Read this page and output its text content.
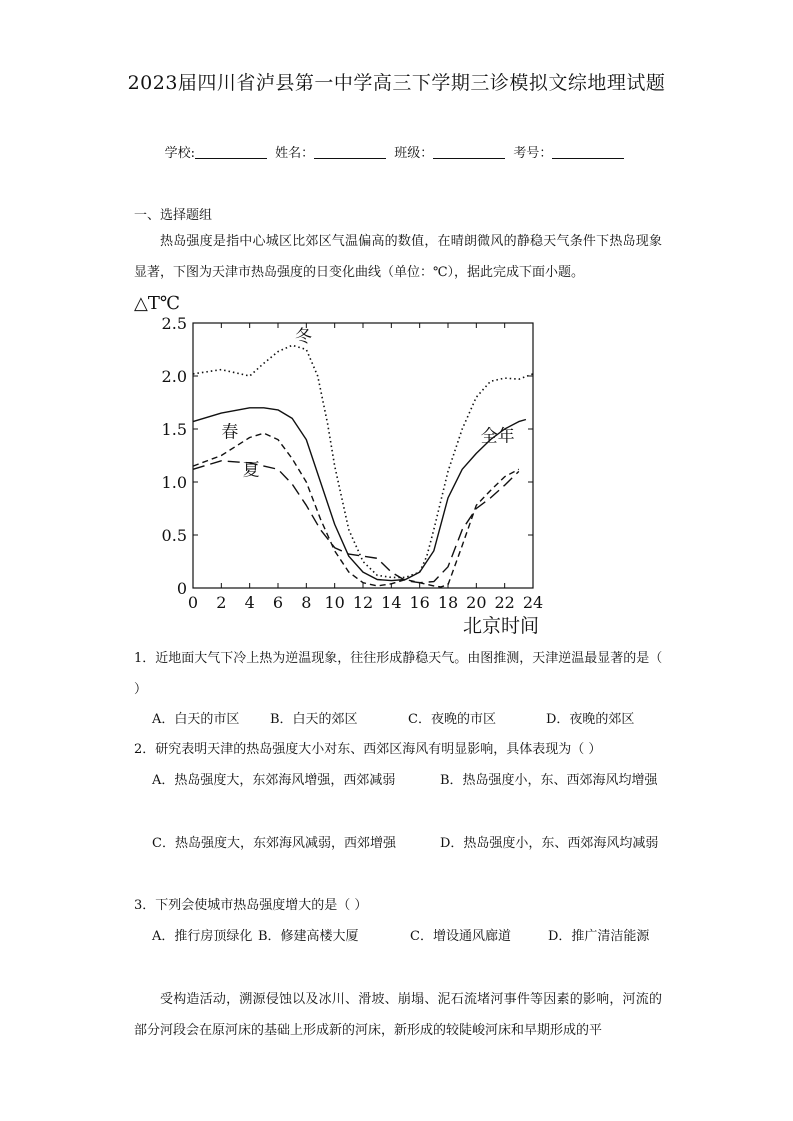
2023届四川省泸县第一中学高三下学期三诊模拟文综地理试题
学校:	姓名：	班级：	考号：
一、选择题组

热岛强度是指中心城区比郊区气温偏高的数值，在晴朗微风的静稳天气条件下热岛现象显著，下图为天津市热岛强度的日变化曲线（单位：℃），据此完成下面小题。

0 2 4 6 8 10 12 14 16 18 20 22 24
0
0.5
1.0
1.5
2.0
2.5
冬
全年
春
夏
△T℃
北京时间

1．近地面大气下冷上热为逆温现象，往往形成静稳天气。由图推测，天津逆温最显著的是（ ）

A．白天的市区 B．白天的郊区	C．夜晚的市区	D．夜晚的郊区

2．研究表明天津的热岛强度大小对东、西郊区海风有明显影响，具体表现为（ ）

A．热岛强度大，东郊海风增强，西郊减弱	B．热岛强度小，东、西郊海风均增强
C．热岛强度大，东郊海风减弱，西郊增强	D．热岛强度小，东、西郊海风均减弱

3．下列会使城市热岛强度增大的是（ ）

A．推行房顶绿化 B．修建高楼大厦	C．增设通风廊道	D．推广清洁能源

受构造活动，溯源侵蚀以及冰川、滑坡、崩塌、泥石流堵河事件等因素的影响，河流的部分河段会在原河床的基础上形成新的河床，新形成的较陡峻河床和早期形成的平
